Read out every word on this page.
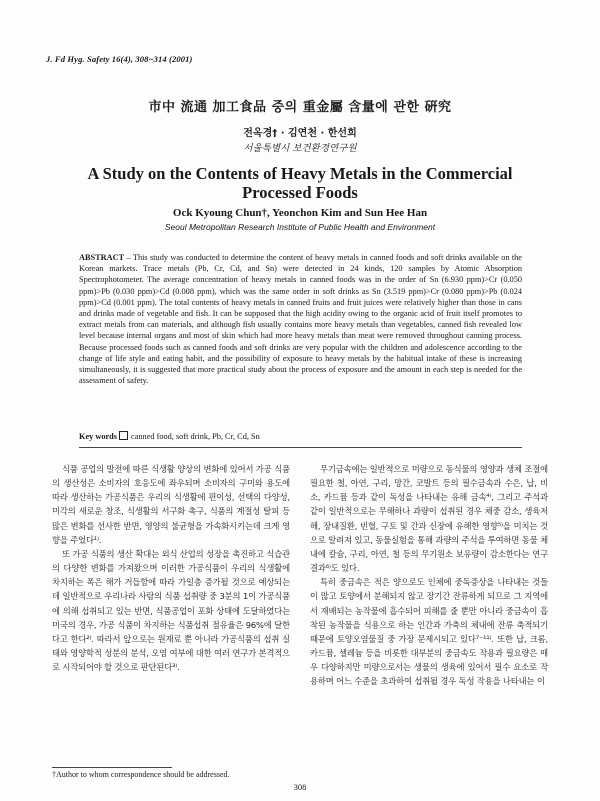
J. Fd Hyg. Safety 16(4), 308~314 (2001)
市中 流通 加工食品 중의 重金屬 含量에 관한 硏究
전옥경† · 김연천 · 한선희
서울특별시 보건환경연구원
A Study on the Contents of Heavy Metals in the Commercial
Processed Foods
Ock Kyoung Chun†, Yeonchon Kim and Sun Hee Han
Seoul Metropolitan Research Institute of Public Health and Environment
ABSTRACT – This study was conducted to determine the content of heavy metals in canned foods and soft drinks available on the Korean markets. Trace metals (Pb, Cr, Cd, and Sn) were detected in 24 kinds, 120 samples by Atomic Absorption Spectrophotometer. The average concentration of heavy metals in canned foods was in the order of Sn (6.930 ppm)>Cr (0.050 ppm)>Pb (0.030 ppm)>Cd (0.008 ppm), which was the same order in soft drinks as Sn (3.519 ppm)>Cr (0.080 ppm)>Pb (0.024 ppm)>Cd (0.001 ppm). The total contents of heavy metals in canned fruits and fruit juices were relatively higher than those in cans and drinks made of vegetable and fish. It can be supposed that the high acidity owing to the organic acid of fruit itself promotes to extract metals from can materials, and although fish usually contains more heavy metals than vegetables, canned fish revealed low level because internal organs and most of skin which had more heavy metals than meat were removed throughout canning process. Because processed foods such as canned foods and soft drinks are very popular with the children and adolescence according to the change of life style and eating habit, and the possibility of exposure to heavy metals by the habitual intake of these is increasing simultaneously, it is suggested that more practical study about the process of exposure and the amount in each step is needed for the assessment of safety.
Key words canned food, soft drink, Pb, Cr, Cd, Sn

식품 공업의 발전에 따른 식생활 양상의 변화에 있어서 가공 식품의 생산성은 소비자의 호응도에 좌우되며 소비자의 구미와 용도에 따라 생산하는 가공식품은 우리의 식생활에 편이성, 선택의 다양성, 미각의 새로운 창조, 식생활의 서구화 촉구, 식품의 계절성 탈피 등 많은 변화를 선사한 반면, 영양의 불균형을 가속화시키는데 크게 영향을 주었다¹⁾.

또 가공 식품의 생산 확대는 외식 산업의 성장을 촉진하고 식습관의 다양한 변화를 가져왔으며 이러한 가공식품이 우리의 식생활에 차지하는 폭은 해가 거듭함에 따라 가일층 증가될 것으로 예상되는데 일반적으로 우리나라 사람의 식품 섭취량 중 3분의 1이 가공식품에 의해 섭취되고 있는 반면, 식품공업이 포화 상태에 도달하였다는 미국의 경우, 가공 식품이 차지하는 식품섭취 점유율은 96%에 달한다고 한다²⁾. 따라서 앞으로는 원재료 뿐 아니라 가공식품의 섭취 실태와 영양학적 성분의 분석, 오염 여부에 대한 여러 연구가 본격적으로 시작되어야 할 것으로 판단된다³⁾.

무기금속에는 일반적으로 미량으로 동식물의 영양과 생체 조절에 필요한 철, 아연, 구리, 망간, 코발트 등의 필수금속과 수은, 납, 비소, 카드뮴 등과 같이 독성을 나타내는 유해 금속⁴⁾, 그리고 주석과 같이 일반적으로는 무해하나 과량이 섭취된 경우 체중 감소, 생육저해, 장내질환, 빈혈, 구토 및 간과 신장에 유해한 영향⁵⁾을 미치는 것으로 알려져 있고, 동물실험을 통해 과량의 주석을 투여하면 동물 체내에 칼슘, 구리, 아연, 철 등의 무기원소 보유량이 감소한다는 연구 결과⁶⁾도 있다.

특히 중금속은 적은 양으로도 인체에 중독증상을 나타내는 것들이 많고 토양에서 분해되지 않고 장기간 잔류하게 되므로 그 지역에서 재배되는 농작물에 흡수되어 피해를 줄 뿐만 아니라 중금속이 흡착된 농작물을 식용으로 하는 인간과 가축의 체내에 잔류 축적되기 때문에 토양오염물질 중 가장 문제시되고 있다⁷⁻¹¹⁾. 또한 납, 크롬, 카드뮴, 셀레늄 등을 비롯한 대부분의 중금속도 작용과 필요량은 매우 다양하지만 미량으로서는 생물의 생육에 있어서 필수 요소로 작용하며 어느 수준을 초과하여 섭취될 경우 독성 작용을 나타내는 이

†Author to whom correspondence should be addressed.
308
